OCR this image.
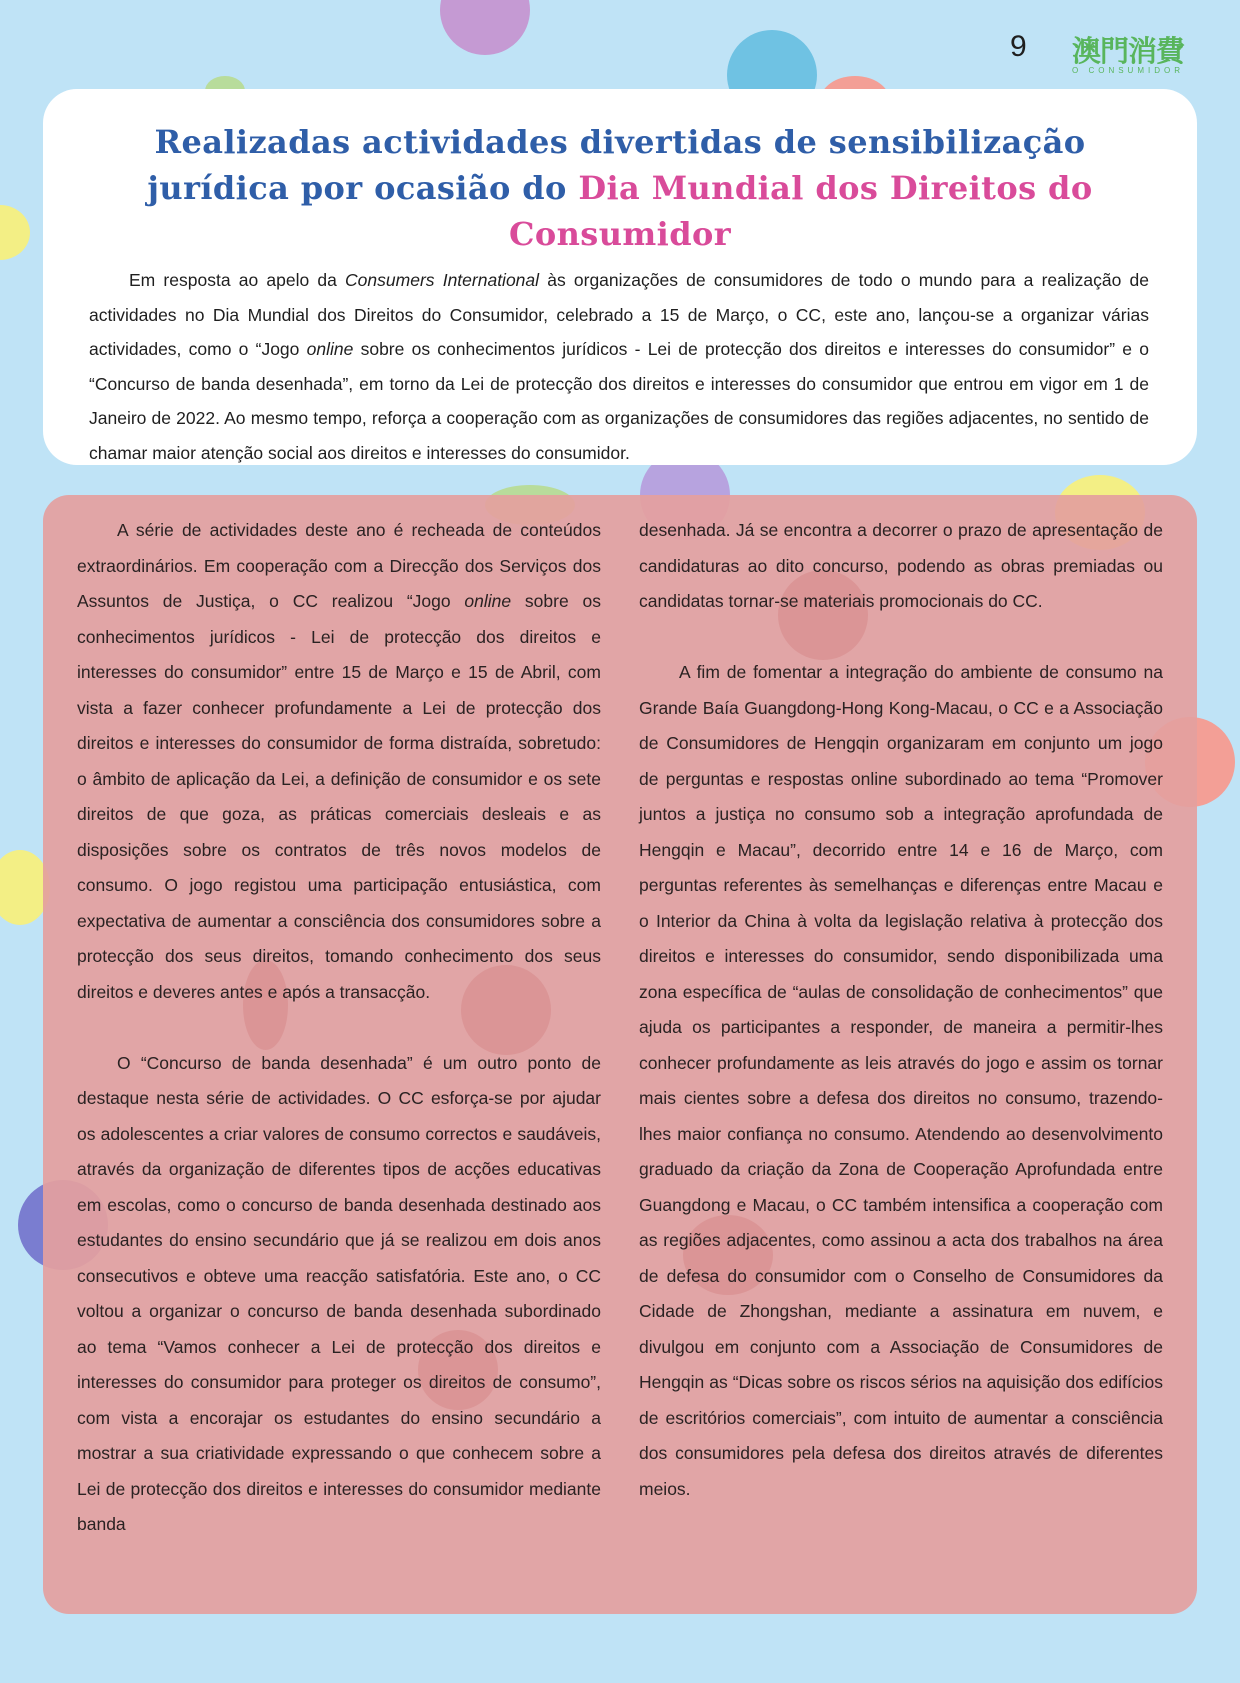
9 澳門消費
O CONSUMIDOR
Realizadas actividades divertidas de sensibilização jurídica por ocasião do Dia Mundial dos Direitos do Consumidor

Em resposta ao apelo da Consumers International às organizações de consumidores de todo o mundo para a realização de actividades no Dia Mundial dos Direitos do Consumidor, celebrado a 15 de Março, o CC, este ano, lançou-se a organizar várias actividades, como o “Jogo online sobre os conhecimentos jurídicos - Lei de protecção dos direitos e interesses do consumidor” e o “Concurso de banda desenhada”, em torno da Lei de protecção dos direitos e interesses do consumidor que entrou em vigor em 1 de Janeiro de 2022. Ao mesmo tempo, reforça a cooperação com as organizações de consumidores das regiões adjacentes, no sentido de chamar maior atenção social aos direitos e interesses do consumidor.

A série de actividades deste ano é recheada de conteúdos extraordinários. Em cooperação com a Direcção dos Serviços dos Assuntos de Justiça, o CC realizou “Jogo online sobre os conhecimentos jurídicos - Lei de protecção dos direitos e interesses do consumidor” entre 15 de Março e 15 de Abril, com vista a fazer conhecer profundamente a Lei de protecção dos direitos e interesses do consumidor de forma distraída, sobretudo: o âmbito de aplicação da Lei, a definição de consumidor e os sete direitos de que goza, as práticas comerciais desleais e as disposições sobre os contratos de três novos modelos de consumo. O jogo registou uma participação entusiástica, com expectativa de aumentar a consciência dos consumidores sobre a protecção dos seus direitos, tomando conhecimento dos seus direitos e deveres antes e após a transacção.

O “Concurso de banda desenhada” é um outro ponto de destaque nesta série de actividades. O CC esforça-se por ajudar os adolescentes a criar valores de consumo correctos e saudáveis, através da organização de diferentes tipos de acções educativas em escolas, como o concurso de banda desenhada destinado aos estudantes do ensino secundário que já se realizou em dois anos consecutivos e obteve uma reacção satisfatória. Este ano, o CC voltou a organizar o concurso de banda desenhada subordinado ao tema “Vamos conhecer a Lei de protecção dos direitos e interesses do consumidor para proteger os direitos de consumo”, com vista a encorajar os estudantes do ensino secundário a mostrar a sua criatividade expressando o que conhecem sobre a Lei de protecção dos direitos e interesses do consumidor mediante banda

desenhada. Já se encontra a decorrer o prazo de apresentação de candidaturas ao dito concurso, podendo as obras premiadas ou candidatas tornar-se materiais promocionais do CC.

A fim de fomentar a integração do ambiente de consumo na Grande Baía Guangdong-Hong Kong-Macau, o CC e a Associação de Consumidores de Hengqin organizaram em conjunto um jogo de perguntas e respostas online subordinado ao tema “Promover juntos a justiça no consumo sob a integração aprofundada de Hengqin e Macau”, decorrido entre 14 e 16 de Março, com perguntas referentes às semelhanças e diferenças entre Macau e o Interior da China à volta da legislação relativa à protecção dos direitos e interesses do consumidor, sendo disponibilizada uma zona específica de “aulas de consolidação de conhecimentos” que ajuda os participantes a responder, de maneira a permitir-lhes conhecer profundamente as leis através do jogo e assim os tornar mais cientes sobre a defesa dos direitos no consumo, trazendo-lhes maior confiança no consumo. Atendendo ao desenvolvimento graduado da criação da Zona de Cooperação Aprofundada entre Guangdong e Macau, o CC também intensifica a cooperação com as regiões adjacentes, como assinou a acta dos trabalhos na área de defesa do consumidor com o Conselho de Consumidores da Cidade de Zhongshan, mediante a assinatura em nuvem, e divulgou em conjunto com a Associação de Consumidores de Hengqin as “Dicas sobre os riscos sérios na aquisição dos edifícios de escritórios comerciais”, com intuito de aumentar a consciência dos consumidores pela defesa dos direitos através de diferentes meios.
